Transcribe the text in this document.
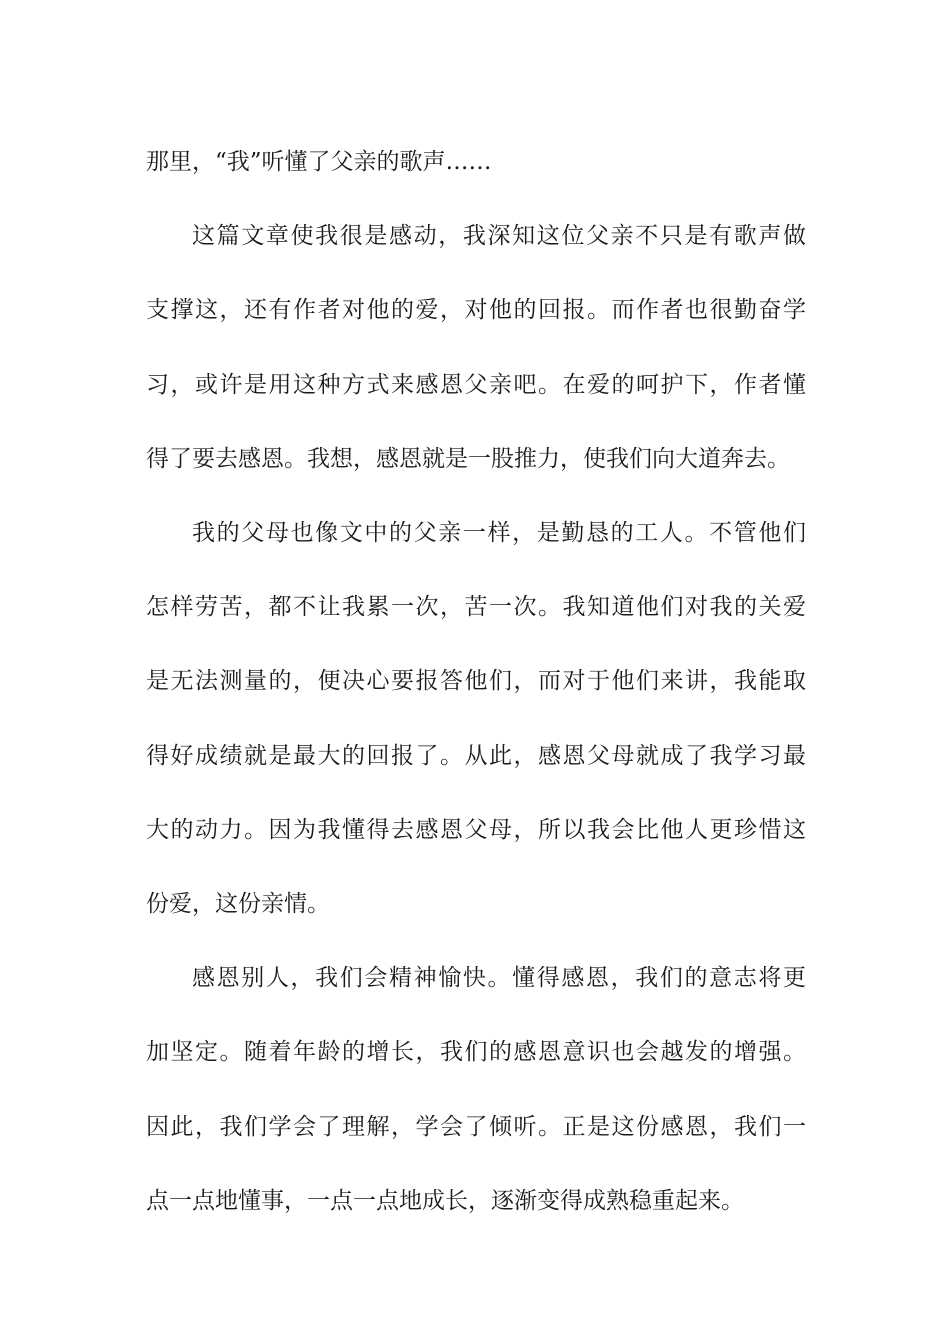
那里，“我”听懂了父亲的歌声……

这篇文章使我很是感动，我深知这位父亲不只是有歌声做
支撑这，还有作者对他的爱，对他的回报。而作者也很勤奋学
习，或许是用这种方式来感恩父亲吧。在爱的呵护下，作者懂
得了要去感恩。我想，感恩就是一股推力，使我们向大道奔去。

我的父母也像文中的父亲一样，是勤恳的工人。不管他们
怎样劳苦，都不让我累一次，苦一次。我知道他们对我的关爱
是无法测量的，便决心要报答他们，而对于他们来讲，我能取
得好成绩就是最大的回报了。从此，感恩父母就成了我学习最
大的动力。因为我懂得去感恩父母，所以我会比他人更珍惜这
份爱，这份亲情。

感恩别人，我们会精神愉快。懂得感恩，我们的意志将更
加坚定。随着年龄的增长，我们的感恩意识也会越发的增强。
因此，我们学会了理解，学会了倾听。正是这份感恩，我们一
点一点地懂事，一点一点地成长，逐渐变得成熟稳重起来。
